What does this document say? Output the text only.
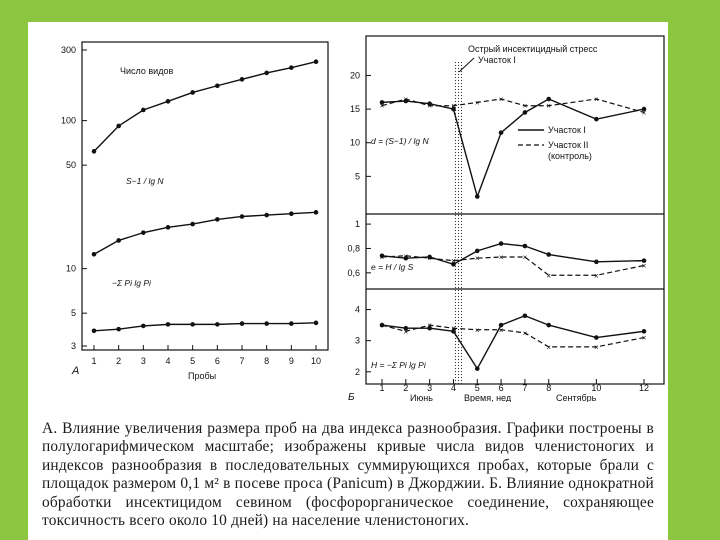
3
5
10
50
100
300
1 2 3 4 5 6 7 8 9 10
Число видов
S−1 / lg N
−Σ Pi lg Pi
А	Пробы
5
10
15
20
0,6
0,8
1
2
3
4
1 2 3 4 5 6 7 8	10	12
×
×
× × × ×
× ×
×
×
× × × × × × ×
×	×
×
×
×
× × × × ×
×	×
×
Острый инсектицидный стресс
Участок I
Участок I
Участок II
(контроль)
d = (S−1) / lg N
e = H / lg S
H = −Σ Pi lg Pi
Июнь	Время, нед	Сентябрь
Б
А. Влияние увеличения размера проб на два индекса разнообразия. Графики построены в полулогарифмическом масштабе; изображены кривые числа видов членистоногих и индексов разнообразия в последовательных суммирующихся пробах, которые брали с площадок размером 0,1 м² в посеве проса (Panicum) в Джорджии. Б. Влияние однократной обработки инсектицидом севином (фосфорорганическое соединение, сохраняющее токсичность всего около 10 дней) на население членистоногих.
